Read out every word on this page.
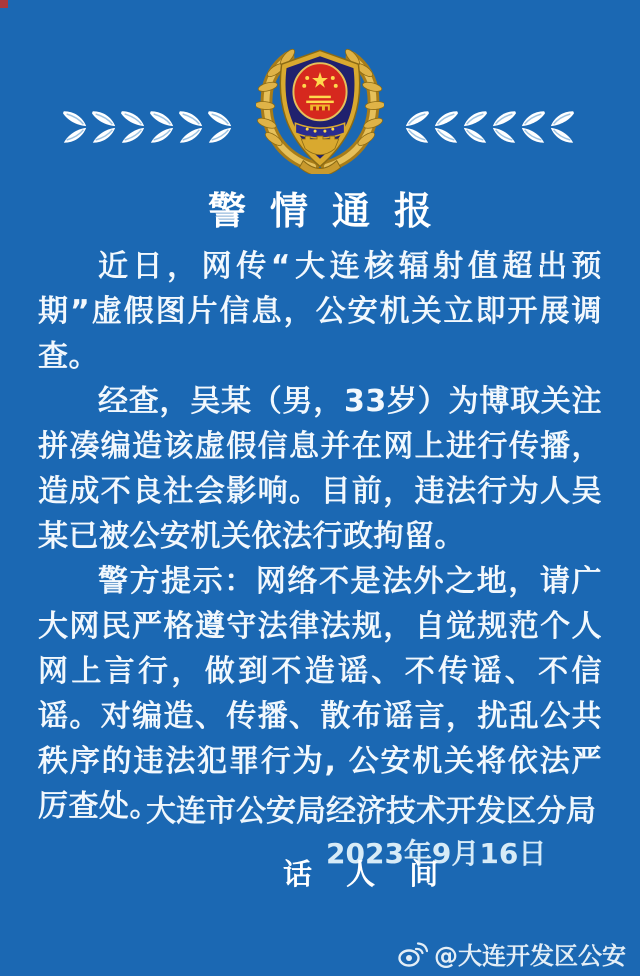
警情通报

近日，网传“大连核辐射值超出预期”虚假图片信息，公安机关立即开展调查。

经查，吴某（男，33岁）为博取关注拼凑编造该虚假信息并在网上进行传播，造成不良社会影响。目前，违法行为人吴某已被公安机关依法行政拘留。

警方提示：网络不是法外之地，请广大网民严格遵守法律法规，自觉规范个人网上言行，做到不造谣、不传谣、不信谣。对编造、传播、散布谣言，扰乱公共秩序的违法犯罪行为, 公安机关将依法严厉查处。

大连市公安局经济技术开发区分局
2023年9月16日
话 人 间
@大连开发区公安
